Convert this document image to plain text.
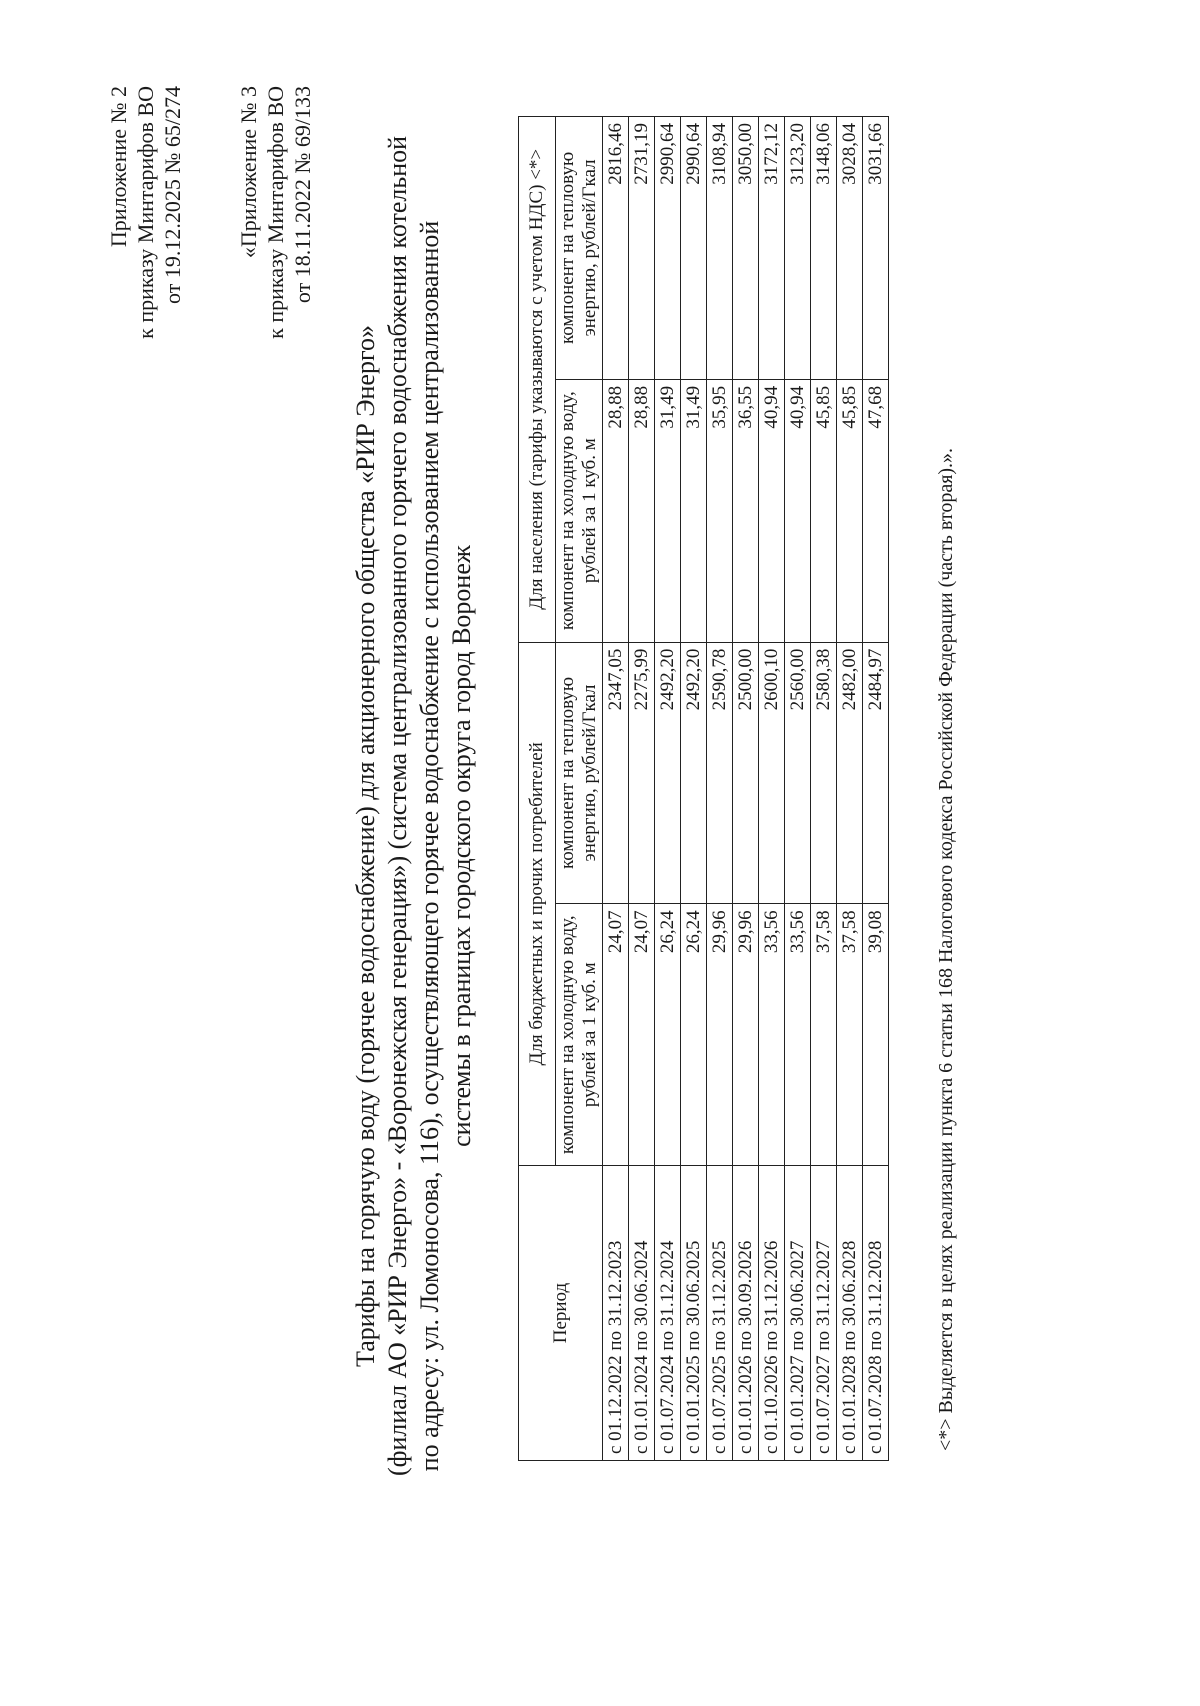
Приложение № 2 к приказу Минтарифов ВО от 19.12.2025 № 65/274 «Приложение № 3 к приказу Минтарифов ВО от 18.11.2022 № 69/133
Тарифы на горячую воду (горячее водоснабжение) для акционерного общества «РИР Энерго» (филиал АО «РИР Энерго» - «Воронежская генерация») (система централизованного горячего водоснабжения котельной по адресу: ул. Ломоносова, 116), осуществляющего горячее водоснабжение с использованием централизованной системы в границах городского округа город Воронеж
Период	Для бюджетных и прочих потребителей		Для населения (тарифы указываются с учетом НДС) <*>	
	компонент на холодную воду, рублей за 1 куб. м	компонент на тепловую энергию, рублей/Гкал	компонент на холодную воду, рублей за 1 куб. м	компонент на тепловую энергию, рублей/Гкал
с 01.12.2022 по 31.12.2023	24,07	2347,05	28,88	2816,46
с 01.01.2024 по 30.06.2024	24,07	2275,99	28,88	2731,19
с 01.07.2024 по 31.12.2024	26,24	2492,20	31,49	2990,64
с 01.01.2025 по 30.06.2025	26,24	2492,20	31,49	2990,64
с 01.07.2025 по 31.12.2025	29,96	2590,78	35,95	3108,94
с 01.01.2026 по 30.09.2026	29,96	2500,00	36,55	3050,00
с 01.10.2026 по 31.12.2026	33,56	2600,10	40,94	3172,12
с 01.01.2027 по 30.06.2027	33,56	2560,00	40,94	3123,20
с 01.07.2027 по 31.12.2027	37,58	2580,38	45,85	3148,06
с 01.01.2028 по 30.06.2028	37,58	2482,00	45,85	3028,04
с 01.07.2028 по 31.12.2028	39,08	2484,97	47,68	3031,66
<*> Выделяется в целях реализации пункта 6 статьи 168 Налогового кодекса Российской Федерации (часть вторая).».
